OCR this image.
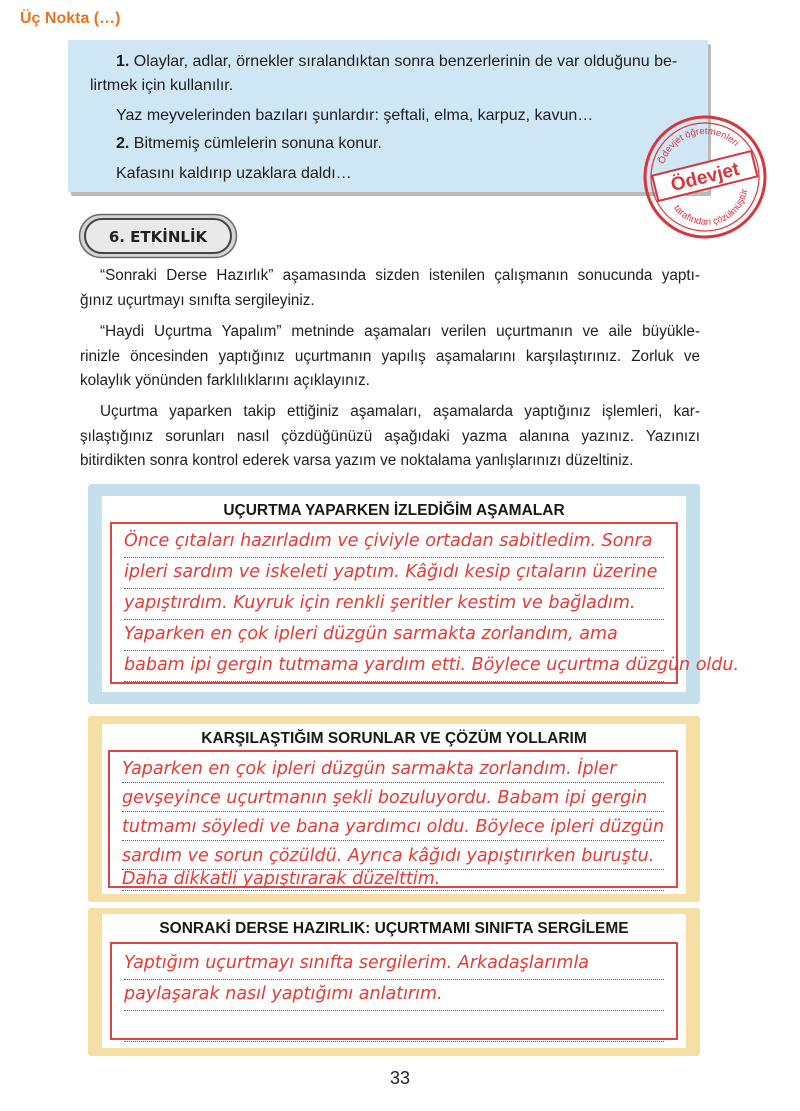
Üç Nokta (…)

1. Olaylar, adlar, örnekler sıralandıktan sonra benzerlerinin de var olduğunu be-

lirtmek için kullanılır.

Yaz meyvelerinden bazıları şunlardır: şeftali, elma, karpuz, kavun…

2. Bitmemiş cümlelerin sonuna konur.

Kafasını kaldırıp uzaklara daldı…

Ödevjet öğretmenleri
tarafından çözülmüştür
Ödevjet
6. ETKİNLİK
“Sonraki Derse Hazırlık” aşamasında sizden istenilen çalışmanın sonucunda yaptı-
ğınız uçurtmayı sınıfta sergileyiniz.
“Haydi Uçurtma Yapalım” metninde aşamaları verilen uçurtmanın ve aile büyükle-
rinizle öncesinden yaptığınız uçurtmanın yapılış aşamalarını karşılaştırınız. Zorluk ve
kolaylık yönünden farklılıklarını açıklayınız.
Uçurtma yaparken takip ettiğiniz aşamaları, aşamalarda yaptığınız işlemleri, kar-
şılaştığınız sorunları nasıl çözdüğünüzü aşağıdaki yazma alanına yazınız. Yazınızı
bitirdikten sonra kontrol ederek varsa yazım ve noktalama yanlışlarınızı düzeltiniz.
UÇURTMA YAPARKEN İZLEDİĞİM AŞAMALAR
Önce çıtaları hazırladım ve çiviyle ortadan sabitledim. Sonra
ipleri sardım ve iskeleti yaptım. Kâğıdı kesip çıtaların üzerine
yapıştırdım. Kuyruk için renkli şeritler kestim ve bağladım.
Yaparken en çok ipleri düzgün sarmakta zorlandım, ama
babam ipi gergin tutmama yardım etti. Böylece uçurtma düzgün oldu.
KARŞILAŞTIĞIM SORUNLAR VE ÇÖZÜM YOLLARIM
Yaparken en çok ipleri düzgün sarmakta zorlandım. İpler
gevşeyince uçurtmanın şekli bozuluyordu. Babam ipi gergin
tutmamı söyledi ve bana yardımcı oldu. Böylece ipleri düzgün
sardım ve sorun çözüldü. Ayrıca kâğıdı yapıştırırken buruştu.
Daha dikkatli yapıştırarak düzelttim.
SONRAKİ DERSE HAZIRLIK: UÇURTMAMI SINIFTA SERGİLEME
Yaptığım uçurtmayı sınıfta sergilerim. Arkadaşlarımla
paylaşarak nasıl yaptığımı anlatırım.
33
